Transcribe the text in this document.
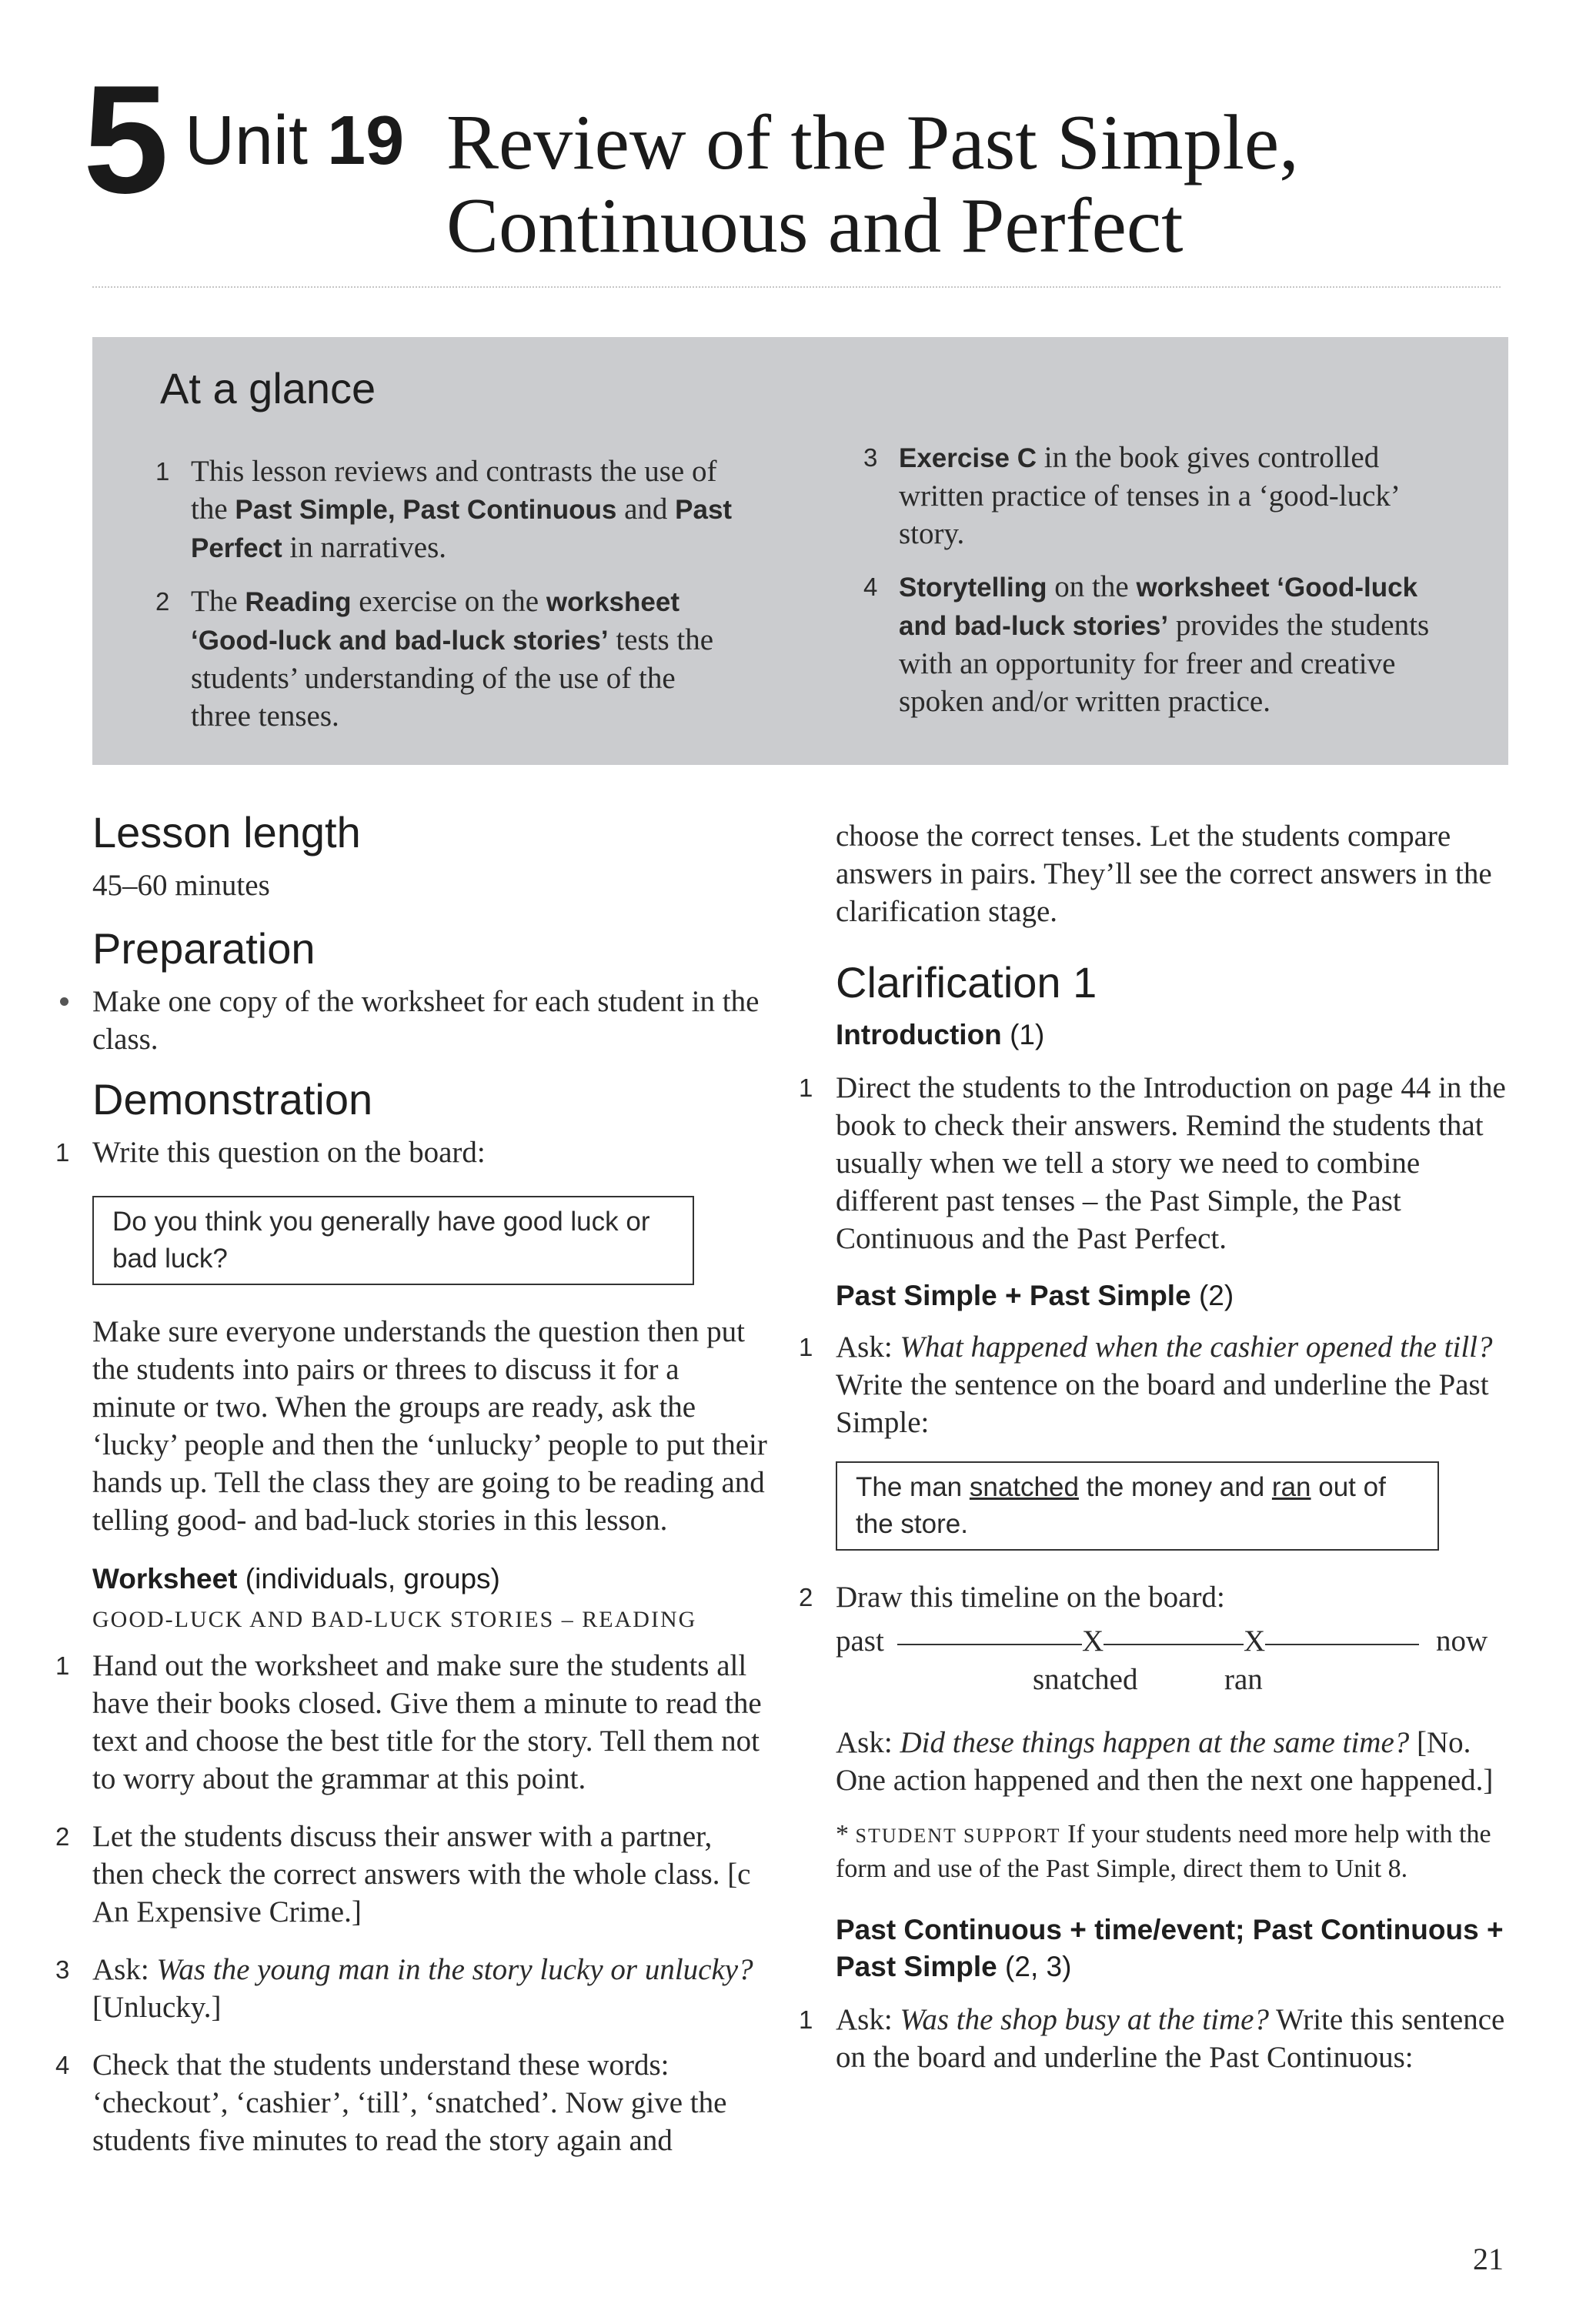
5 Unit 19 Review of the Past Simple,
Continuous and Perfect
At a glance
1 This lesson reviews and contrasts the use of the Past Simple, Past Continuous and Past Perfect in narratives.
2 The Reading exercise on the worksheet ‘Good-luck and bad-luck stories’ tests the students’ understanding of the use of the three tenses.
3 Exercise C in the book gives controlled written practice of tenses in a ‘good-luck’ story.
4 Storytelling on the worksheet ‘Good-luck and bad-luck stories’ provides the students with an opportunity for freer and creative spoken and/or written practice.
Lesson length
45–60 minutes
Preparation
Make one copy of the worksheet for each student in the class.
Demonstration
1 Write this question on the board:
Do you think you generally have good luck or bad luck?
Make sure everyone understands the question then put the students into pairs or threes to discuss it for a minute or two. When the groups are ready, ask the ‘lucky’ people and then the ‘unlucky’ people to put their hands up. Tell the class they are going to be reading and telling good- and bad-luck stories in this lesson.
Worksheet (individuals, groups)
GOOD-LUCK AND BAD-LUCK STORIES – READING
1 Hand out the worksheet and make sure the students all have their books closed. Give them a minute to read the text and choose the best title for the story. Tell them not to worry about the grammar at this point.
2 Let the students discuss their answer with a partner, then check the correct answers with the whole class. [c An Expensive Crime.]
3 Ask: Was the young man in the story lucky or unlucky? [Unlucky.]
4 Check that the students understand these words: ‘checkout’, ‘cashier’, ‘till’, ‘snatched’. Now give the students five minutes to read the story again and
choose the correct tenses. Let the students compare answers in pairs. They’ll see the correct answers in the clarification stage.
Clarification 1
Introduction (1)
1 Direct the students to the Introduction on page 44 in the book to check their answers. Remind the students that usually when we tell a story we need to combine different past tenses – the Past Simple, the Past Continuous and the Past Perfect.
Past Simple + Past Simple (2)
1 Ask: What happened when the cashier opened the till? Write the sentence on the board and underline the Past Simple:
The man snatched the money and ran out of the store.
2 Draw this timeline on the board:
past	X	X	now
snatched	ran
Ask: Did these things happen at the same time? [No. One action happened and then the next one happened.]
* STUDENT SUPPORT If your students need more help with the form and use of the Past Simple, direct them to Unit 8.
Past Continuous + time/event; Past Continuous + Past Simple (2, 3)
1 Ask: Was the shop busy at the time? Write this sentence on the board and underline the Past Continuous:
21
